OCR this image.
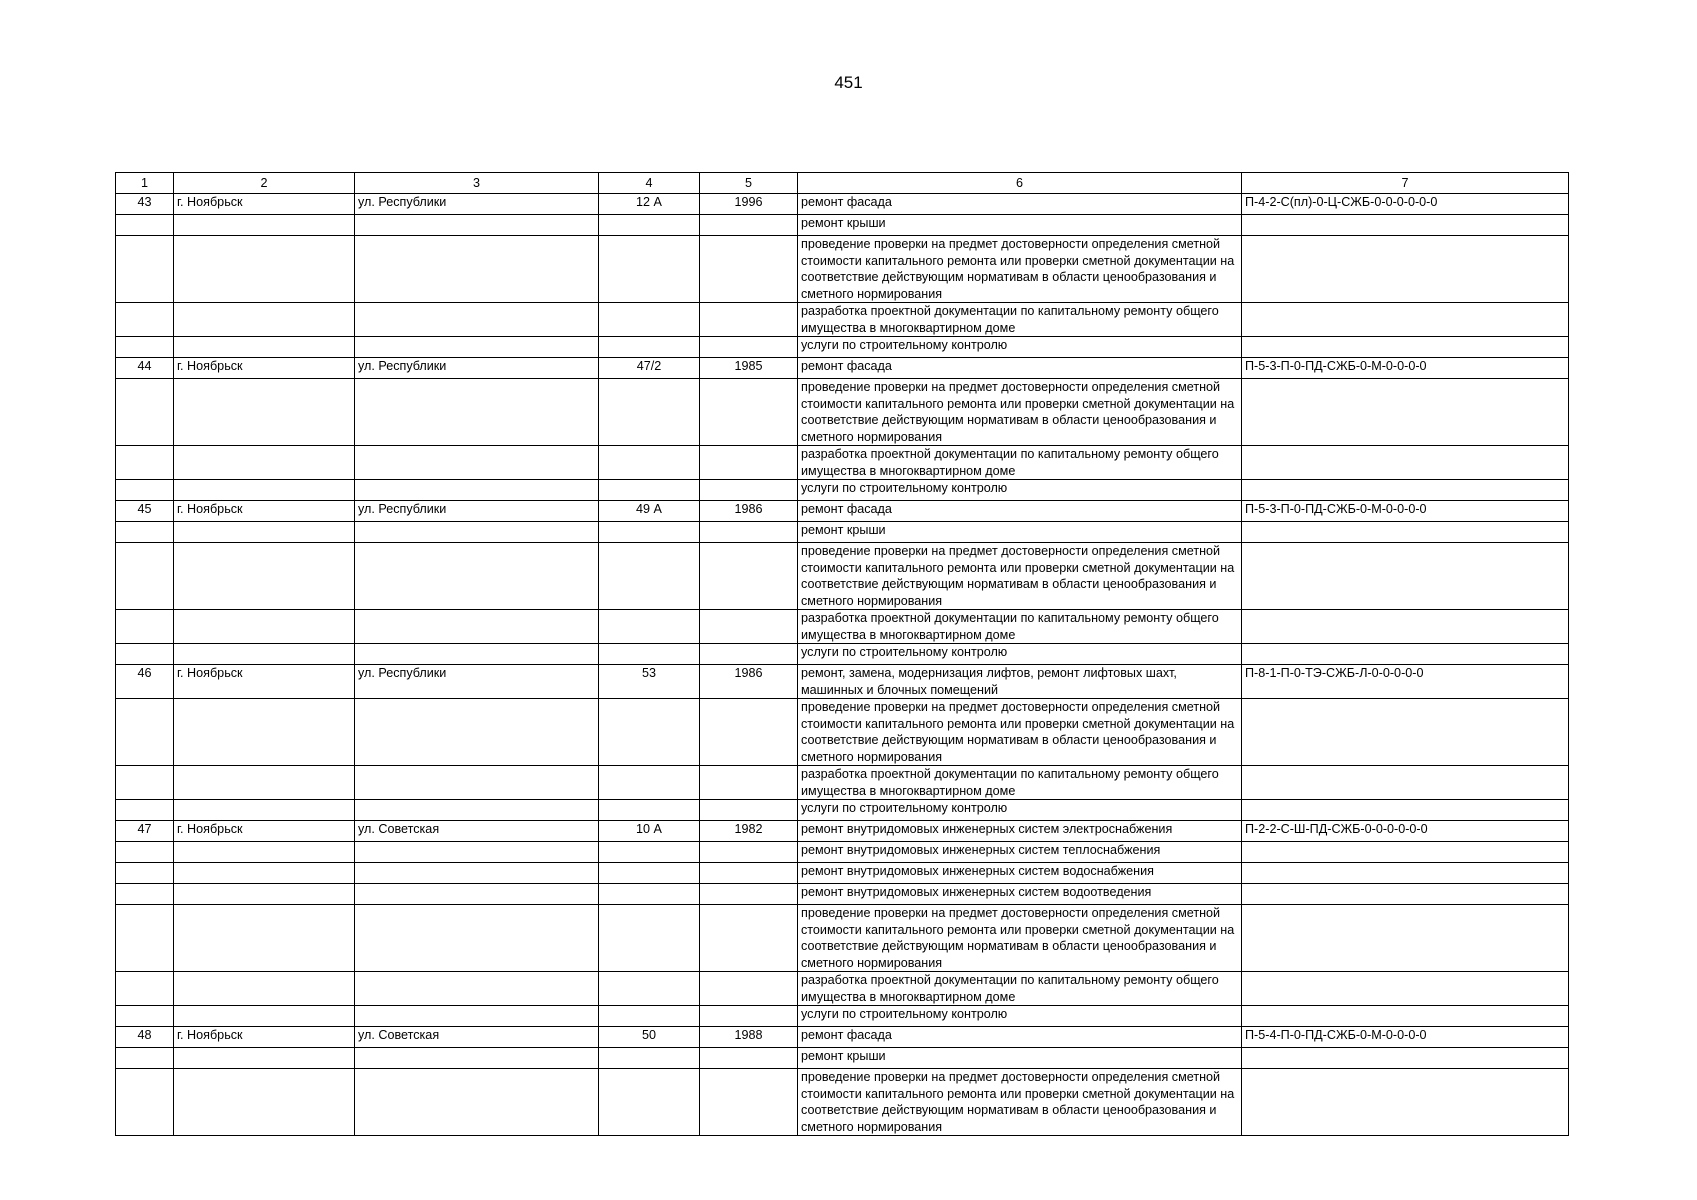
451
1	2	3	4	5	6	7
43	г. Ноябрьск	ул. Республики	12 А	1996	ремонт фасада	П-4-2-С(пл)-0-Ц-СЖБ-0-0-0-0-0-0
					ремонт крыши	
					проведение проверки на предмет достоверности определения сметной стоимости капитального ремонта или проверки сметной документации на соответствие действующим нормативам в области ценообразования и сметного нормирования	
					разработка проектной документации по капитальному ремонту общего имущества в многоквартирном доме	
					услуги по строительному контролю	
44	г. Ноябрьск	ул. Республики	47/2	1985	ремонт фасада	П-5-3-П-0-ПД-СЖБ-0-М-0-0-0-0
					проведение проверки на предмет достоверности определения сметной стоимости капитального ремонта или проверки сметной документации на соответствие действующим нормативам в области ценообразования и сметного нормирования	
					разработка проектной документации по капитальному ремонту общего имущества в многоквартирном доме	
					услуги по строительному контролю	
45	г. Ноябрьск	ул. Республики	49 А	1986	ремонт фасада	П-5-3-П-0-ПД-СЖБ-0-М-0-0-0-0
					ремонт крыши	
					проведение проверки на предмет достоверности определения сметной стоимости капитального ремонта или проверки сметной документации на соответствие действующим нормативам в области ценообразования и сметного нормирования	
					разработка проектной документации по капитальному ремонту общего имущества в многоквартирном доме	
					услуги по строительному контролю	
46	г. Ноябрьск	ул. Республики	53	1986	ремонт, замена, модернизация лифтов, ремонт лифтовых шахт, машинных и блочных помещений	П-8-1-П-0-ТЭ-СЖБ-Л-0-0-0-0-0
					проведение проверки на предмет достоверности определения сметной стоимости капитального ремонта или проверки сметной документации на соответствие действующим нормативам в области ценообразования и сметного нормирования	
					разработка проектной документации по капитальному ремонту общего имущества в многоквартирном доме	
					услуги по строительному контролю	
47	г. Ноябрьск	ул. Советская	10 А	1982	ремонт внутридомовых инженерных систем электроснабжения	П-2-2-С-Ш-ПД-СЖБ-0-0-0-0-0-0
					ремонт внутридомовых инженерных систем теплоснабжения	
					ремонт внутридомовых инженерных систем водоснабжения	
					ремонт внутридомовых инженерных систем водоотведения	
					проведение проверки на предмет достоверности определения сметной стоимости капитального ремонта или проверки сметной документации на соответствие действующим нормативам в области ценообразования и сметного нормирования	
					разработка проектной документации по капитальному ремонту общего имущества в многоквартирном доме	
					услуги по строительному контролю	
48	г. Ноябрьск	ул. Советская	50	1988	ремонт фасада	П-5-4-П-0-ПД-СЖБ-0-М-0-0-0-0
					ремонт крыши	
					проведение проверки на предмет достоверности определения сметной стоимости капитального ремонта или проверки сметной документации на соответствие действующим нормативам в области ценообразования и сметного нормирования	
